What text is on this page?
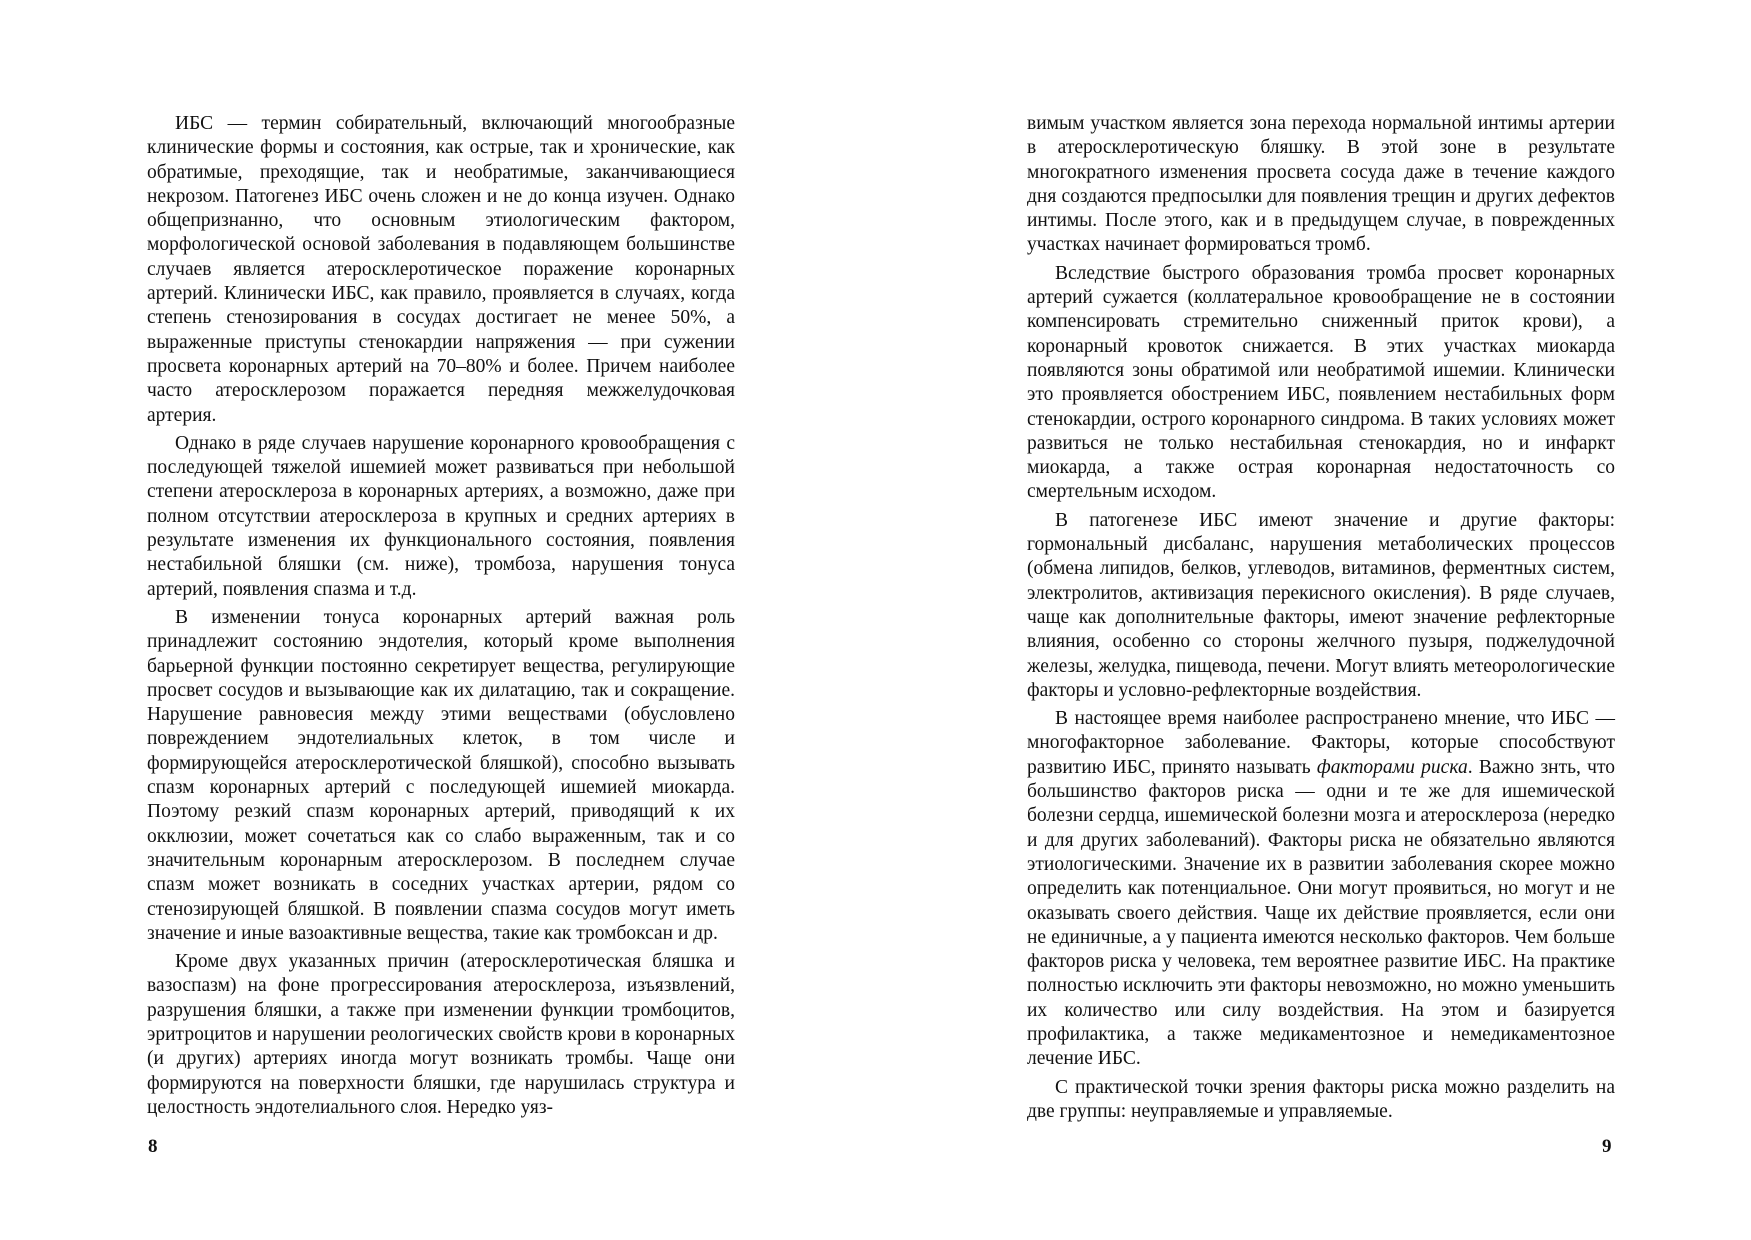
ИБС — термин собирательный, включающий многообразные клинические формы и состояния, как острые, так и хронические, как обратимые, преходящие, так и необратимые, заканчивающиеся некрозом. Патогенез ИБС очень сложен и не до конца изучен. Однако общепризнанно, что основным этиологическим фактором, морфологической основой заболевания в подавляющем большинстве случаев является атеросклеротическое поражение коронарных артерий. Клинически ИБС, как правило, проявляется в случаях, когда степень стенозирования в сосудах достигает не менее 50%, а выраженные приступы стенокардии напряжения — при сужении просвета коронарных артерий на 70–80% и более. Причем наиболее часто атеросклерозом поражается передняя межжелудочковая артерия.

Однако в ряде случаев нарушение коронарного кровообращения с последующей тяжелой ишемией может развиваться при небольшой степени атеросклероза в коронарных артериях, а возможно, даже при полном отсутствии атеросклероза в крупных и средних артериях в результате изменения их функционального состояния, появления нестабильной бляшки (см. ниже), тромбоза, нарушения тонуса артерий, появления спазма и т.д.

В изменении тонуса коронарных артерий важная роль принадлежит состоянию эндотелия, который кроме выполнения барьерной функции постоянно секретирует вещества, регулирующие просвет сосудов и вызывающие как их дилатацию, так и сокращение. Нарушение равновесия между этими веществами (обусловлено повреждением эндотелиальных клеток, в том числе и формирующейся атеросклеротической бляшкой), способно вызывать спазм коронарных артерий с последующей ишемией миокарда. Поэтому резкий спазм коронарных артерий, приводящий к их окклюзии, может сочетаться как со слабо выраженным, так и со значительным коронарным атеросклерозом. В последнем случае спазм может возникать в соседних участках артерии, рядом со стенозирующей бляшкой. В появлении спазма сосудов могут иметь значение и иные вазоактивные вещества, такие как тромбоксан и др.

Кроме двух указанных причин (атеросклеротическая бляшка и вазоспазм) на фоне прогрессирования атеросклероза, изъязвлений, разрушения бляшки, а также при изменении функции тромбоцитов, эритроцитов и нарушении реологических свойств крови в коронарных (и других) артериях иногда могут возникать тромбы. Чаще они формируются на поверхности бляшки, где нарушилась структура и целостность эндотелиального слоя. Нередко уяз-

8

вимым участком является зона перехода нормальной интимы артерии в атеросклеротическую бляшку. В этой зоне в результате многократного изменения просвета сосуда даже в течение каждого дня создаются предпосылки для появления трещин и других дефектов интимы. После этого, как и в предыдущем случае, в поврежденных участках начинает формироваться тромб.

Вследствие быстрого образования тромба просвет коронарных артерий сужается (коллатеральное кровообращение не в состоянии компенсировать стремительно сниженный приток крови), а коронарный кровоток снижается. В этих участках миокарда появляются зоны обратимой или необратимой ишемии. Клинически это проявляется обострением ИБС, появлением нестабильных форм стенокардии, острого коронарного синдрома. В таких условиях может развиться не только нестабильная стенокардия, но и инфаркт миокарда, а также острая коронарная недостаточность со смертельным исходом.

В патогенезе ИБС имеют значение и другие факторы: гормональный дисбаланс, нарушения метаболических процессов (обмена липидов, белков, углеводов, витаминов, ферментных систем, электролитов, активизация перекисного окисления). В ряде случаев, чаще как дополнительные факторы, имеют значение рефлекторные влияния, особенно со стороны желчного пузыря, поджелудочной железы, желудка, пищевода, печени. Могут влиять метеорологические факторы и условно-рефлекторные воздействия.

В настоящее время наиболее распространено мнение, что ИБС — многофакторное заболевание. Факторы, которые способствуют развитию ИБС, принято называть факторами риска. Важно знть, что большинство факторов риска — одни и те же для ишемической болезни сердца, ишемической болезни мозга и атеросклероза (нередко и для других заболеваний). Факторы риска не обязательно являются этиологическими. Значение их в развитии заболевания скорее можно определить как потенциальное. Они могут проявиться, но могут и не оказывать своего действия. Чаще их действие проявляется, если они не единичные, а у пациента имеются несколько факторов. Чем больше факторов риска у человека, тем вероятнее развитие ИБС. На практике полностью исключить эти факторы невозможно, но можно уменьшить их количество или силу воздействия. На этом и базируется профилактика, а также медикаментозное и немедикаментозное лечение ИБС.

С практической точки зрения факторы риска можно разделить на две группы: неуправляемые и управляемые.

9
